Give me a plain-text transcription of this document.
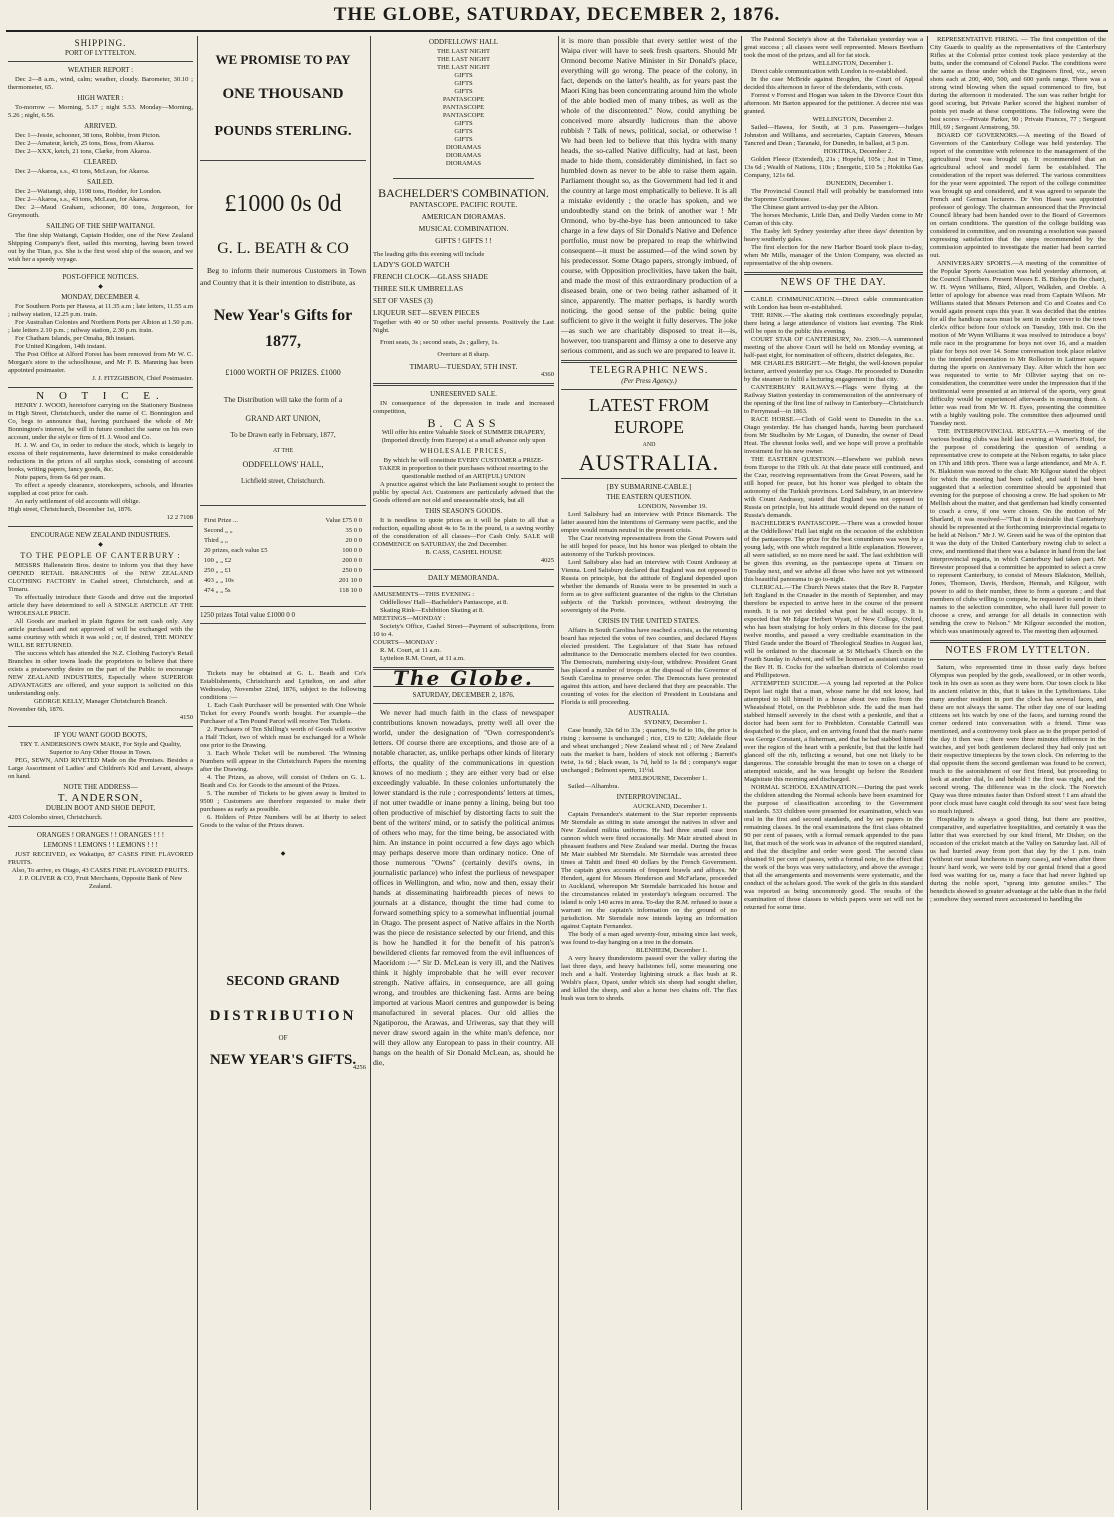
THE GLOBE, SATURDAY, DECEMBER 2, 1876.
SHIPPING.
PORT OF LYTTELTON.
WEATHER REPORT :

Dec 2—8 a.m., wind, calm; weather, cloudy. Barometer, 30.10 ; thermometer, 65.

HIGH WATER :

To-morrow — Morning, 5.17 ; night 5.53. Monday—Morning, 5.26 ; night, 6.56.

ARRIVED.

Dec 1—Jessie, schooner, 38 tons, Robbie, from Picton.

Dec 2—Amateur, ketch, 25 tons, Boss, from Akaroa.

Dec 2—XXX, ketch, 21 tons, Clarke, from Akaroa.

CLEARED.

Dec 2—Akaroa, s.s., 43 tons, McLean, for Akaroa.

SAILED.

Dec 2—Waitangi, ship, 1198 tons, Hodder, for London.

Dec 2—Akaroa, s.s., 43 tons, McLean, for Akaroa.

Dec 2—Maud Graham, schooner, 80 tons, Jorgenson, for Greymouth.

SAILING OF THE SHIP WAITANGI.

The fine ship Waitangi, Captain Hodder, one of the New Zealand Shipping Company's fleet, sailed this morning, having been towed out by the Titan, p.s. She is the first wool ship of the season, and we wish her a speedy voyage.

POST-OFFICE NOTICES.
◆
MONDAY, DECEMBER 4.

For Southern Ports per Hawea, at 11.35 a.m ; late letters, 11.55 a.m ; railway station, 12.25 p.m. train.

For Australian Colonies and Northern Ports per Albion at 1.50 p.m. ; late letters 2.10 p.m. ; railway station, 2.30 p.m. train.

For Chatham Islands, per Omaha, 8th instant.

For United Kingdom, 14th instant.

The Post Office at Alford Forest has been removed from Mr W. C. Morgan's store to the schoolhouse, and Mr F. B. Manning has been appointed postmaster.

J. J. FITZGIBBON, Chief Postmaster.

N O T I C E.

HENRY J. WOOD, heretofore carrying on the Stationery Business in High Street, Christchurch, under the name of C. Bonnington and Co, begs to announce that, having purchased the whole of Mr Bonnington's interest, he will in future conduct the same on his own account, under the style or firm of H. J. Wood and Co.

H. J. W. and Co, in order to reduce the stock, which is largely in excess of their requirements, have determined to make considerable reductions in the prices of all surplus stock, consisting of account books, writing papers, fancy goods, &c.

Note papers, from 6s 6d per ream.

To effect a speedy clearance, storekeepers, schools, and libraries supplied at cost price for cash.

An early settlement of old accounts will oblige.

High street, Christchurch, December 1st, 1876.

12 2 7108

ENCOURAGE NEW ZEALAND INDUSTRIES.
◆
TO THE PEOPLE OF CANTERBURY :

MESSRS Hallenstein Bros. desire to inform you that they have OPENED RETAIL BRANCHES of the NEW ZEALAND CLOTHING FACTORY in Cashel street, Christchurch, and at Timaru.

To effectually introduce their Goods and drive out the imported article they have determined to sell A SINGLE ARTICLE AT THE WHOLESALE PRICE.

All Goods are marked in plain figures for nett cash only. Any article purchased and not approved of will be exchanged with the same courtesy with which it was sold ; or, if desired, THE MONEY WILL BE RETURNED.

The success which has attended the N.Z. Clothing Factory's Retail Branches in other towns leads the proprietors to believe that there exists a praiseworthy desire on the part of the Public to encourage NEW ZEALAND INDUSTRIES, Especially where SUPERIOR ADVANTAGES are offered, and your support is solicited on this understanding only.

GEORGE KELLY, Manager Christchurch Branch.

November 6th, 1876.

4150

IF YOU WANT GOOD BOOTS,

TRY T. ANDERSON'S OWN MAKE, For Style and Quality, Superior to Any Other House in Town.

PEG, SEWN, AND RIVETED Made on the Premises. Besides a Large Assortment of Ladies' and Children's Kid and Levant, always on hand.

NOTE THE ADDRESS—
T. ANDERSON,
DUBLIN BOOT AND SHOE DEPOT,

4203 Colombo street, Christchurch.

ORANGES ! ORANGES ! ! ORANGES ! ! !
LEMONS ! LEMONS ! ! LEMONS ! ! !

JUST RECEIVED, ex Wakatipu, 87 CASES FINE FLAVORED FRUITS.

Also, To arrive, ex Otago, 43 CASES FINE FLAVORED FRUITS.

J. P. OLIVER & CO, Fruit Merchants, Opposite Bank of New Zealand.

WE PROMISE TO PAY
ONE THOUSAND
POUNDS STERLING.
£1000 0s 0d
G. L. BEATH & CO

Beg to inform their numerous Customers in Town and Country that it is their intention to distribute, as

New Year's Gifts for 1877,

£1000 WORTH OF PRIZES. £1000

The Distribution will take the form of a

GRAND ART UNION,

To be Drawn early in February, 1877,

AT THE

ODDFELLOWS' HALL,

Lichfield street, Christchurch.

First Prize ...	Value £75 0 0
Second „ „	35 0 0
Third „ „	20 0 0
20 prizes, each value £5	100 0 0
100 „ „ £2	200 0 0
250 „ „ £1	250 0 0
403 „ „ 10s	201 10 0
474 „ „ 5s	118 10 0

1250 prizes Total value £1000 0 0

Tickets may be obtained at G. L. Beath and Co's Establishments, Christchurch and Lyttelton, on and after Wednesday, November 22nd, 1876, subject to the following conditions :—

1. Each Cash Purchaser will be presented with One Whole Ticket for every Pound's worth bought. For example—the Purchaser of a Ten Pound Parcel will receive Ten Tickets.

2. Purchasers of Ten Shilling's worth of Goods will receive a Half Ticket, two of which must be exchanged for a Whole one prior to the Drawing.

3. Each Whole Ticket will be numbered. The Winning Numbers will appear in the Christchurch Papers the morning after the Drawing.

4. The Prizes, as above, will consist of Orders on G. L. Beath and Co. for Goods to the amount of the Prizes.

5. The number of Tickets to be given away is limited to 9500 ; Customers are therefore requested to make their purchases as early as possible.

6. Holders of Prize Numbers will be at liberty to select Goods to the value of the Prizes drawn.

◆
SECOND GRAND
DISTRIBUTION
OF
NEW YEAR'S GIFTS.

4256

ODDFELLOWS' HALL
THE LAST NIGHT
THE LAST NIGHT
THE LAST NIGHT
GIFTS
GIFTS
GIFTS
PANTASCOPE
PANTASCOPE
PANTASCOPE
GIFTS
GIFTS
GIFTS
DIORAMAS
DIORAMAS
DIORAMAS
BACHELDER'S COMBINATION.
PANTASCOPE. PACIFIC ROUTE.
AMERICAN DIORAMAS.
MUSICAL COMBINATION.
GIFTS ! GIFTS ! !

The leading gifts this evening will include

LADY'S GOLD WATCH
FRENCH CLOCK—GLASS SHADE
THREE SILK UMBRELLAS
SET OF VASES (3)
LIQUEUR SET—SEVEN PIECES

Together with 40 or 50 other useful presents. Positively the Last Night.

Front seats, 3s ; second seats, 2s ; gallery, 1s.

Overture at 8 sharp.

TIMARU—TUESDAY, 5TH INST.

4360

UNRESERVED SALE.

IN consequence of the depression in trade and increased competition,

B. CASS

Will offer his entire Valuable Stock of SUMMER DRAPERY, (Imported directly from Europe) at a small advance only upon

WHOLESALE PRICES,

By which he will constitute EVERY CUSTOMER a PRIZE-TAKER in proportion to their purchases without resorting to the questionable method of an ART(FUL) UNION

A practice against which the late Parliament sought to protect the public by special Act. Customers are particularly advised that the Goods offered are not old and unseasonable stock, but all

THIS SEASON'S GOODS.

It is needless to quote prices as it will be plain to all that a reduction, equalling about 4s to 5s in the pound, is a saving worthy of the consideration of all classes—For Cash Only. SALE will COMMENCE on SATURDAY, the 2nd December.

B. CASS, CASHEL HOUSE

4025

DAILY MEMORANDA.

AMUSEMENTS—THIS EVENING :

Oddfellows' Hall—Bachelder's Pantascope, at 8.

Skating Rink—Exhibition Skating at 8.

MEETINGS—MONDAY :

Society's Office, Cashel Street—Payment of subscriptions, from 10 to 4.

COURTS—MONDAY :

R. M. Court, at 11 a.m.

Lyttelton R.M. Court, at 11 a.m.

The Globe.
SATURDAY, DECEMBER 2, 1876.

We never had much faith in the class of newspaper contributions known nowadays, pretty well all over the world, under the designation of "Own correspondent's letters. Of course there are exceptions, and those are of a notable character, as, unlike perhaps other kinds of literary efforts, the quality of the communications in question knows of no medium ; they are either very bad or else exceedingly valuable. In these colonies unfortunately the lower standard is the rule ; correspondents' letters at times, if not utter twaddle or inane penny a lining, being but too often productive of mischief by distorting facts to suit the bent of the writers' mind, or to satisfy the political animus of others who may, for the time being, be associated with him. An instance in point occurred a few days ago which may perhaps deserve more than ordinary notice. One of those numerous "Owns" (certainly devil's owns, in journalistic parlance) who infest the purlieus of newspaper offices in Wellington, and who, now and then, essay their hands at disseminating hairbreadth pieces of news to journals at a distance, thought the time had come to forward something spicy to a somewhat influential journal in Otago. The present aspect of Native affairs in the North was the piece de resistance selected by our friend, and this is how he handled it for the benefit of his patron's bewildered clients far removed from the evil influences of Maoridom :—" Sir D. McLean is very ill, and the Natives think it highly improbable that he will ever recover strength. Native affairs, in consequence, are all going wrong, and troubles are thickening fast. Arms are being imported at various Maori centres and gunpowder is being manufactured in several places. Our old allies the Ngatiporou, the Arawas, and Uriweras, say that they will never draw sword again in the white man's defence, nor will they allow any European to pass in their country. All hangs on the health of Sir Donald McLean, as, should he die,

it is more than possible that every settler west of the Waipa river will have to seek fresh quarters. Should Mr Ormond become Native Minister in Sir Donald's place, everything will go wrong. The peace of the colony, in fact, depends on the latter's health, as for years past the Maori King has been concentrating around him the whole of the able bodied men of many tribes, as well as the whole of the discontented." Now, could anything be conceived more absurdly ludicrous than the above rubbish ? Talk of news, political, social, or otherwise ! We had been led to believe that this hydra with many heads, the so-called Native difficulty, had at last, been made to hide them, considerably diminished, in fact so humbled down as never to be able to raise them again. Parliament thought so, as the Government had led it and the country at large most emphatically to believe. It is all a mistake evidently ; the oracle has spoken, and we undoubtedly stand on the brink of another war ! Mr Ormond, who by-the-bye has been announced to take charge in a few days of Sir Donald's Native and Defence portfolio, must now be prepared to reap the whirlwind consequent—it must be assumed—of the wind sown by his predecessor. Some Otago papers, strongly imbued, of course, with Opposition proclivities, have taken the bait, and made the most of this extraordinary production of a diseased brain, one or two being rather ashamed of it since, apparently. The matter perhaps, is hardly worth noticing, the good sense of the public being quite sufficient to give it the weight it fully deserves. The joke—as such we are charitably disposed to treat it—is, however, too transparent and flimsy a one to deserve any serious comment, and as such we are prepared to leave it.

TELEGRAPHIC NEWS.
(Per Press Agency.)
LATEST FROM EUROPE
AND
AUSTRALIA.
[BY SUBMARINE-CABLE.]
THE EASTERN QUESTION.

LONDON, November 19.

Lord Salisbury had an interview with Prince Bismarck. The latter assured him the intentions of Germany were pacific, and the empire would remain neutral in the present crisis.

The Czar receiving representatives from the Great Powers said he still hoped for peace, but his honor was pledged to obtain the autonomy of the Turkish provinces.

Lord Salisbury also had an interview with Count Andrassy at Vienna. Lord Salisbury declared that England was not opposed to Russia on principle, but the attitude of England depended upon whether the demands of Russia were to be presented in such a form as to give sufficient guarantee of the rights to the Christian subjects of the Turkish provinces, without destroying the sovereignty of the Porte.

CRISIS IN THE UNITED STATES.

Affairs in South Carolina have reached a crisis, as the returning board has rejected the votes of two counties, and declared Hayes elected president. The Legislature of that State has refused admittance to the Democratic members elected for two counties. The Democrats, numbering sixty-four, withdrew. President Grant has placed a number of troops at the disposal of the Governor of South Carolina to preserve order. The Democrats have protested against this action, and have declared that they are peaceable. The counting of votes for the election of President in Louisiana and Florida is still proceeding.

AUSTRALIA.

SYDNEY, December 1.

Case brandy, 32s 6d to 33s ; quarters, 9s 6d to 10s, the price is rising ; kerosene is unchanged ; rice, £19 to £20; Adelaide flour and wheat unchanged ; New Zealand wheat nil ; of New Zealand oats the market is bare, holders of stock not offering ; Barrett's twist, 1s 6d ; black swan, 1s 7d, held to 1s 8d ; company's sugar unchanged ; Belmont sperm, 11½d.

MELBOURNE, December 1.

Sailed—Alhambra.

INTERPROVINCIAL.

AUCKLAND, December 1.

Captain Fernandez's statement to the Star reporter represents Mr Sterndale as sitting in state amongst the natives in silver and New Zealand militia uniforms. He had three small case iron cannon which were fired occasionally. Mr Mair strutted about in pheasant feathers and New Zealand war medal. During the fracas Mr Mair stabbed Mr Sterndale. Mr Sterndale was arrested three times at Tahiti and fined 40 dollars by the French Government. The captain gives accounts of frequent brawls and affrays. Mr Hendert, agent for Messrs Henderson and McFarlane, proceeded to Auckland, whereupon Mr Sterndale barricaded his house and the circumstances related in yesterday's telegram occurred. The island is only 140 acres in area. To-day the R.M. refused to issue a warrant on the captain's information on the ground of no jurisdiction. Mr Sterndale now intends laying an information against Captain Fernandez.

The body of a man aged seventy-four, missing since last week, was found to-day hanging on a tree in the domain.

BLENHEIM, December 1.

A very heavy thunderstorm passed over the valley during the last three days, and heavy hailstones fell, some measuring one inch and a half. Yesterday lightning struck a flax bush at R. Welsh's place, Opaoi, under which six sheep had sought shelter, and killed the sheep, and also a horse two chains off. The flax bush was torn to shreds.

The Pastoral Society's show at the Taheriakau yesterday was a great success ; all classes were well represented. Messrs Beetham took the most of the prizes, and all for fat stock.

WELLINGTON, December 1.

Direct cable communication with London is re-established.

In the case McBride against Brogden, the Court of Appeal decided this afternoon in favor of the defendants, with costs.

Forrest v Forrest and Hogan was taken in the Divorce Court this afternoon. Mr Barton appeared for the petitioner. A decree nisi was granted.

WELLINGTON, December 2.

Sailed—Hawea, for South, at 3 p.m. Passengers—Judges Johnston and Williams, and secretaries, Captain Greeves, Messrs Tancred and Dean ; Taranaki, for Dunedin, in ballast, at 5 p.m.

HOKITIKA, December 2.

Golden Fleece (Extended), 21s ; Hopeful, 105s ; Just in Time, 13s 6d ; Wealth of Nations, 110s ; Energetic, £10 5s ; Hokitika Gas Company, 121s 6d.

DUNEDIN, December 1.

The Provincial Council Hall will probably be transformed into the Supreme Courthouse.

The Chinese giant arrived to-day per the Albion.

The horses Mechanic, Little Dan, and Dolly Varden come to Mr Curran of this city.

The Easby left Sydney yesterday after three days' detention by heavy southerly gales.

The first election for the new Harbor Board took place to-day, when Mr Mills, manager of the Union Company, was elected as representative of the ship owners.

NEWS OF THE DAY.

CABLE COMMUNICATION.—Direct cable communication with London has been re-established.

THE RINK.—The skating rink continues exceedingly popular, there being a large attendance of visitors last evening. The Rink will be open to the public this evening.

COURT STAR OF CANTERBURY, No. 2309.—A summoned meeting of the above Court will be held on Monday evening, at half-past eight, for nomination of officers, district delegates, &c.

MR CHARLES BRIGHT.—Mr Bright, the well-known popular lecturer, arrived yesterday per s.s. Otago. He proceeded to Dunedin by the steamer to fulfil a lecturing engagement in that city.

CANTERBURY RAILWAYS.—Flags were flying at the Railway Station yesterday in commemoration of the anniversary of the opening of the first line of railway in Canterbury—Christchurch to Ferrymead—in 1863.

RACE HORSE.—Cloth of Gold went to Dunedin in the s.s. Otago yesterday. He has changed hands, having been purchased from Mr Studholm by Mr Logan, of Dunedin, the owner of Dead Heat. The chesnut looks well, and we hope will prove a profitable investment for his new owner.

THE EASTERN QUESTION.—Elsewhere we publish news from Europe to the 19th ult. At that date peace still continued, and the Czar, receiving representatives from the Great Powers, said he still hoped for peace, but his honor was pledged to obtain the autonomy of the Turkish provinces. Lord Salisbury, in an interview with Count Andrassy, stated that England was not opposed to Russia on principle, but his attitude would depend on the nature of Russia's demands.

BACHELDER'S PANTASCOPE.—There was a crowded house at the Oddfellows' Hall last night on the occasion of the exhibition of the pantascope. The prize for the best conundrum was won by a young lady, with one which required a little explanation. However, all were satisfied, so no more need be said. The last exhibition will be given this evening, as the pantascope opens at Timaru on Tuesday next, and we advise all those who have not yet witnessed this beautiful panorama to go to-night.

CLERICAL.—The Church News states that the Rev R. Farpster left England in the Crusader in the month of September, and may therefore be expected to arrive here in the course of the present month. It is not yet decided what post he shall occupy. It is expected that Mr Edgar Herbert Wyatt, of New College, Oxford, who has been studying for holy orders in this diocese for the past twelve months, and passed a very creditable examination in the Third Grade under the Board of Theological Studies in August last, will be ordained to the diaconate at St Michael's Church on the Fourth Sunday in Advent, and will be licensed as assistant curate to the Rev H. B. Cocks for the suburban districts of Colombo road and Phillipstown.

ATTEMPTED SUICIDE.—A young lad reported at the Police Depot last night that a man, whose name he did not know, had attempted to kill himself in a house about two miles from the Wheatsheaf Hotel, on the Prebbleton side. He said the man had stabbed himself severely in the chest with a penknife, and that a doctor had been sent for to Prebbleton. Constable Cartmill was despatched to the place, and on arriving found that the man's name was George Constant, a fisherman, and that he had stabbed himself over the region of the heart with a penknife, but that the knife had glanced off the rib, inflicting a wound, but one not likely to be dangerous. The constable brought the man to town on a charge of attempted suicide, and he was brought up before the Resident Magistrate this morning and discharged.

NORMAL SCHOOL EXAMINATION.—During the past week the children attending the Normal schools have been examined for the purpose of classification according to the Government standards. 533 children were presented for examination, which was oral in the first and second standards, and by set papers in the remaining classes. In the oral examinations the first class obtained 90 per cent of passes, with a formal remark appended to the pass list, that much of the work was in advance of the required standard, and that the discipline and order were good. The second class obtained 91 per cent of passes, with a formal note, to the effect that the work of the boys was very satisfactory, and above the average ; that all the arrangements and movements were systematic, and the conduct of the scholars good. The work of the girls in this standard was reported as being uncommonly good. The results of the examination of those classes to which papers were set will not be returned for some time.

REPRESENTATIVE FIRING. — The first competition of the City Guards to qualify as the representatives of the Canterbury Rifles at the Colonial prize contest took place yesterday at the butts, under the command of Colonel Packe. The conditions were the same as those under which the Engineers fired, viz., seven shots each at 200, 400, 500, and 600 yards range. There was a strong wind blowing when the squad commenced to fire, but during the afternoon it moderated. The sun was rather bright for good scoring, but Private Parker scored the highest number of points yet made at these competitions. The following were the best scores :—Private Parker, 90 ; Private Frances, 77 ; Sergeant Hill, 69 ; Sergeant Armstrong, 59.

BOARD OF GOVERNORS.—A meeting of the Board of Governors of the Canterbury College was held yesterday. The report of the committee with reference to the management of the agricultural trust was brought up. It recommended that an agricultural school and model farm be established. The consideration of the report was deferred. The various committees for the year were appointed. The report of the college committee was brought up and considered, and it was agreed to separate the French and German lecturers. Dr Von Haast was appointed professor of geology. The chairman announced that the Provincial Council library had been handed over to the Board of Governors on certain conditions. The question of the college building was considered in committee, and on resuming a resolution was passed expressing satisfaction that the steps recommended by the commission appointed to investigate the matter had been carried out.

ANNIVERSARY SPORTS.—A meeting of the committee of the Popular Sports Association was held yesterday afternoon, at the Council Chambers. Present Messrs E. B. Bishop (in the chair), W. H. Wynn Williams, Bird, Allport, Walkden, and Oreble. A letter of apology for absence was read from Captain Wilson. Mr Williams stated that Messrs Peterson and Co and Coates and Co would again present cups this year. It was decided that the entries for all the handicap races must be sent in under cover to the town clerk's office before four o'clock on Tuesday, 19th inst. On the motion of Mr Wynn Williams it was resolved to introduce a boys' mile race in the programme for boys not over 16, and a maiden plate for boys not over 14. Some conversation took place relative to the intended presentation to Mr Rolleston in Latimer square during the sports on Anniversary Day. After which the hon sec was requested to write to Mr Ollivier saying that on re-consideration, the committee were under the impression that if the testimonial were presented at an interval of the sports, very great difficulty would be experienced afterwards in resuming them. A letter was read from Mr W. H. Eyes, presenting the committee with a highly vaulting pole. The committee then adjourned until Tuesday next.

THE INTERPROVINCIAL REGATTA.—A meeting of the various boating clubs was held last evening at Warner's Hotel, for the purpose of considering the question of sending a representative crew to compete at the Nelson regatta, to take place on 17th and 18th prox. There was a large attendance, and Mr A. F. N. Blakiston was moved to the chair. Mr Kilgour stated the object for which the meeting had been called, and said it had been suggested that a selection committee should be appointed that evening for the purpose of choosing a crew. He had spoken to Mr Mellish about the matter, and that gentleman had kindly consented to coach a crew, if one were chosen. On the motion of Mr Sharland, it was resolved—"That it is desirable that Canterbury should be represented at the forthcoming interprovincial regatta to be held at Nelson." Mr J. W. Green said he was of the opinion that it was the duty of the United Canterbury rowing club to select a crew, and mentioned that there was a balance in hand from the last interprovincial regatta, in which Canterbury had taken part. Mr Brewster proposed that a committee be appointed to select a crew to represent Canterbury, to consist of Messrs Blakiston, Mellish, Jones, Thomson, Davis, Herdson, Hennah, and Kilgour, with power to add to their number, three to form a quorum ; and that members of clubs willing to compete, be requested to send in their names to the selection committee, who shall have full power to choose a crew, and arrange for all details in connection with sending the crew to Nelson." Mr Kilgour seconded the motion, which was unanimously agreed to. The meeting then adjourned.

NOTES FROM LYTTELTON.

Saturn, who represented time in those early days before Olympus was peopled by the gods, swallowed, or in other words, took in his own as soon as they were born. Our town clock is like its ancient relative in this, that it takes in the Lytteltonians. Like many another resident in port the clock has several faces, and these are not always the same. The other day one of our leading citizens set his watch by one of the faces, and turning round the corner ordered into conversation with a friend. Time was mentioned, and a controversy took place as to the proper period of the day it then was ; there were three minutes difference in the watches, and yet both gentlemen declared they had only just set their respective timepieces by the town clock. On referring to the dial opposite them the second gentleman was found to be correct, much to the astonishment of our first friend, but proceeding to look at another dial, lo and behold ! the first was right, and the second wrong. The difference was in the clock. The Norwich Quay was three minutes faster than Oxford street ! I am afraid the poor clock must have caught cold through its sou' west face being so much injured.

Hospitality is always a good thing, but there are positive, comparative, and superlative hospitalities, and certainly it was the latter that was exercised by our kind friend, Mr Disher, on the occasion of the cricket match at the Valley on Saturday last. All of us had hurried away from port that day by the 1 p.m. train (without our usual luncheons in many cases), and when after three hours' hard work, we were told by our genial friend that a good feed was waiting for us, many a face that had never lighted up during the noble sport, "sprang into genuine smiles." The benedicts showed to greater advantage at the table than in the field ; somehow they seemed more accustomed to handling the
